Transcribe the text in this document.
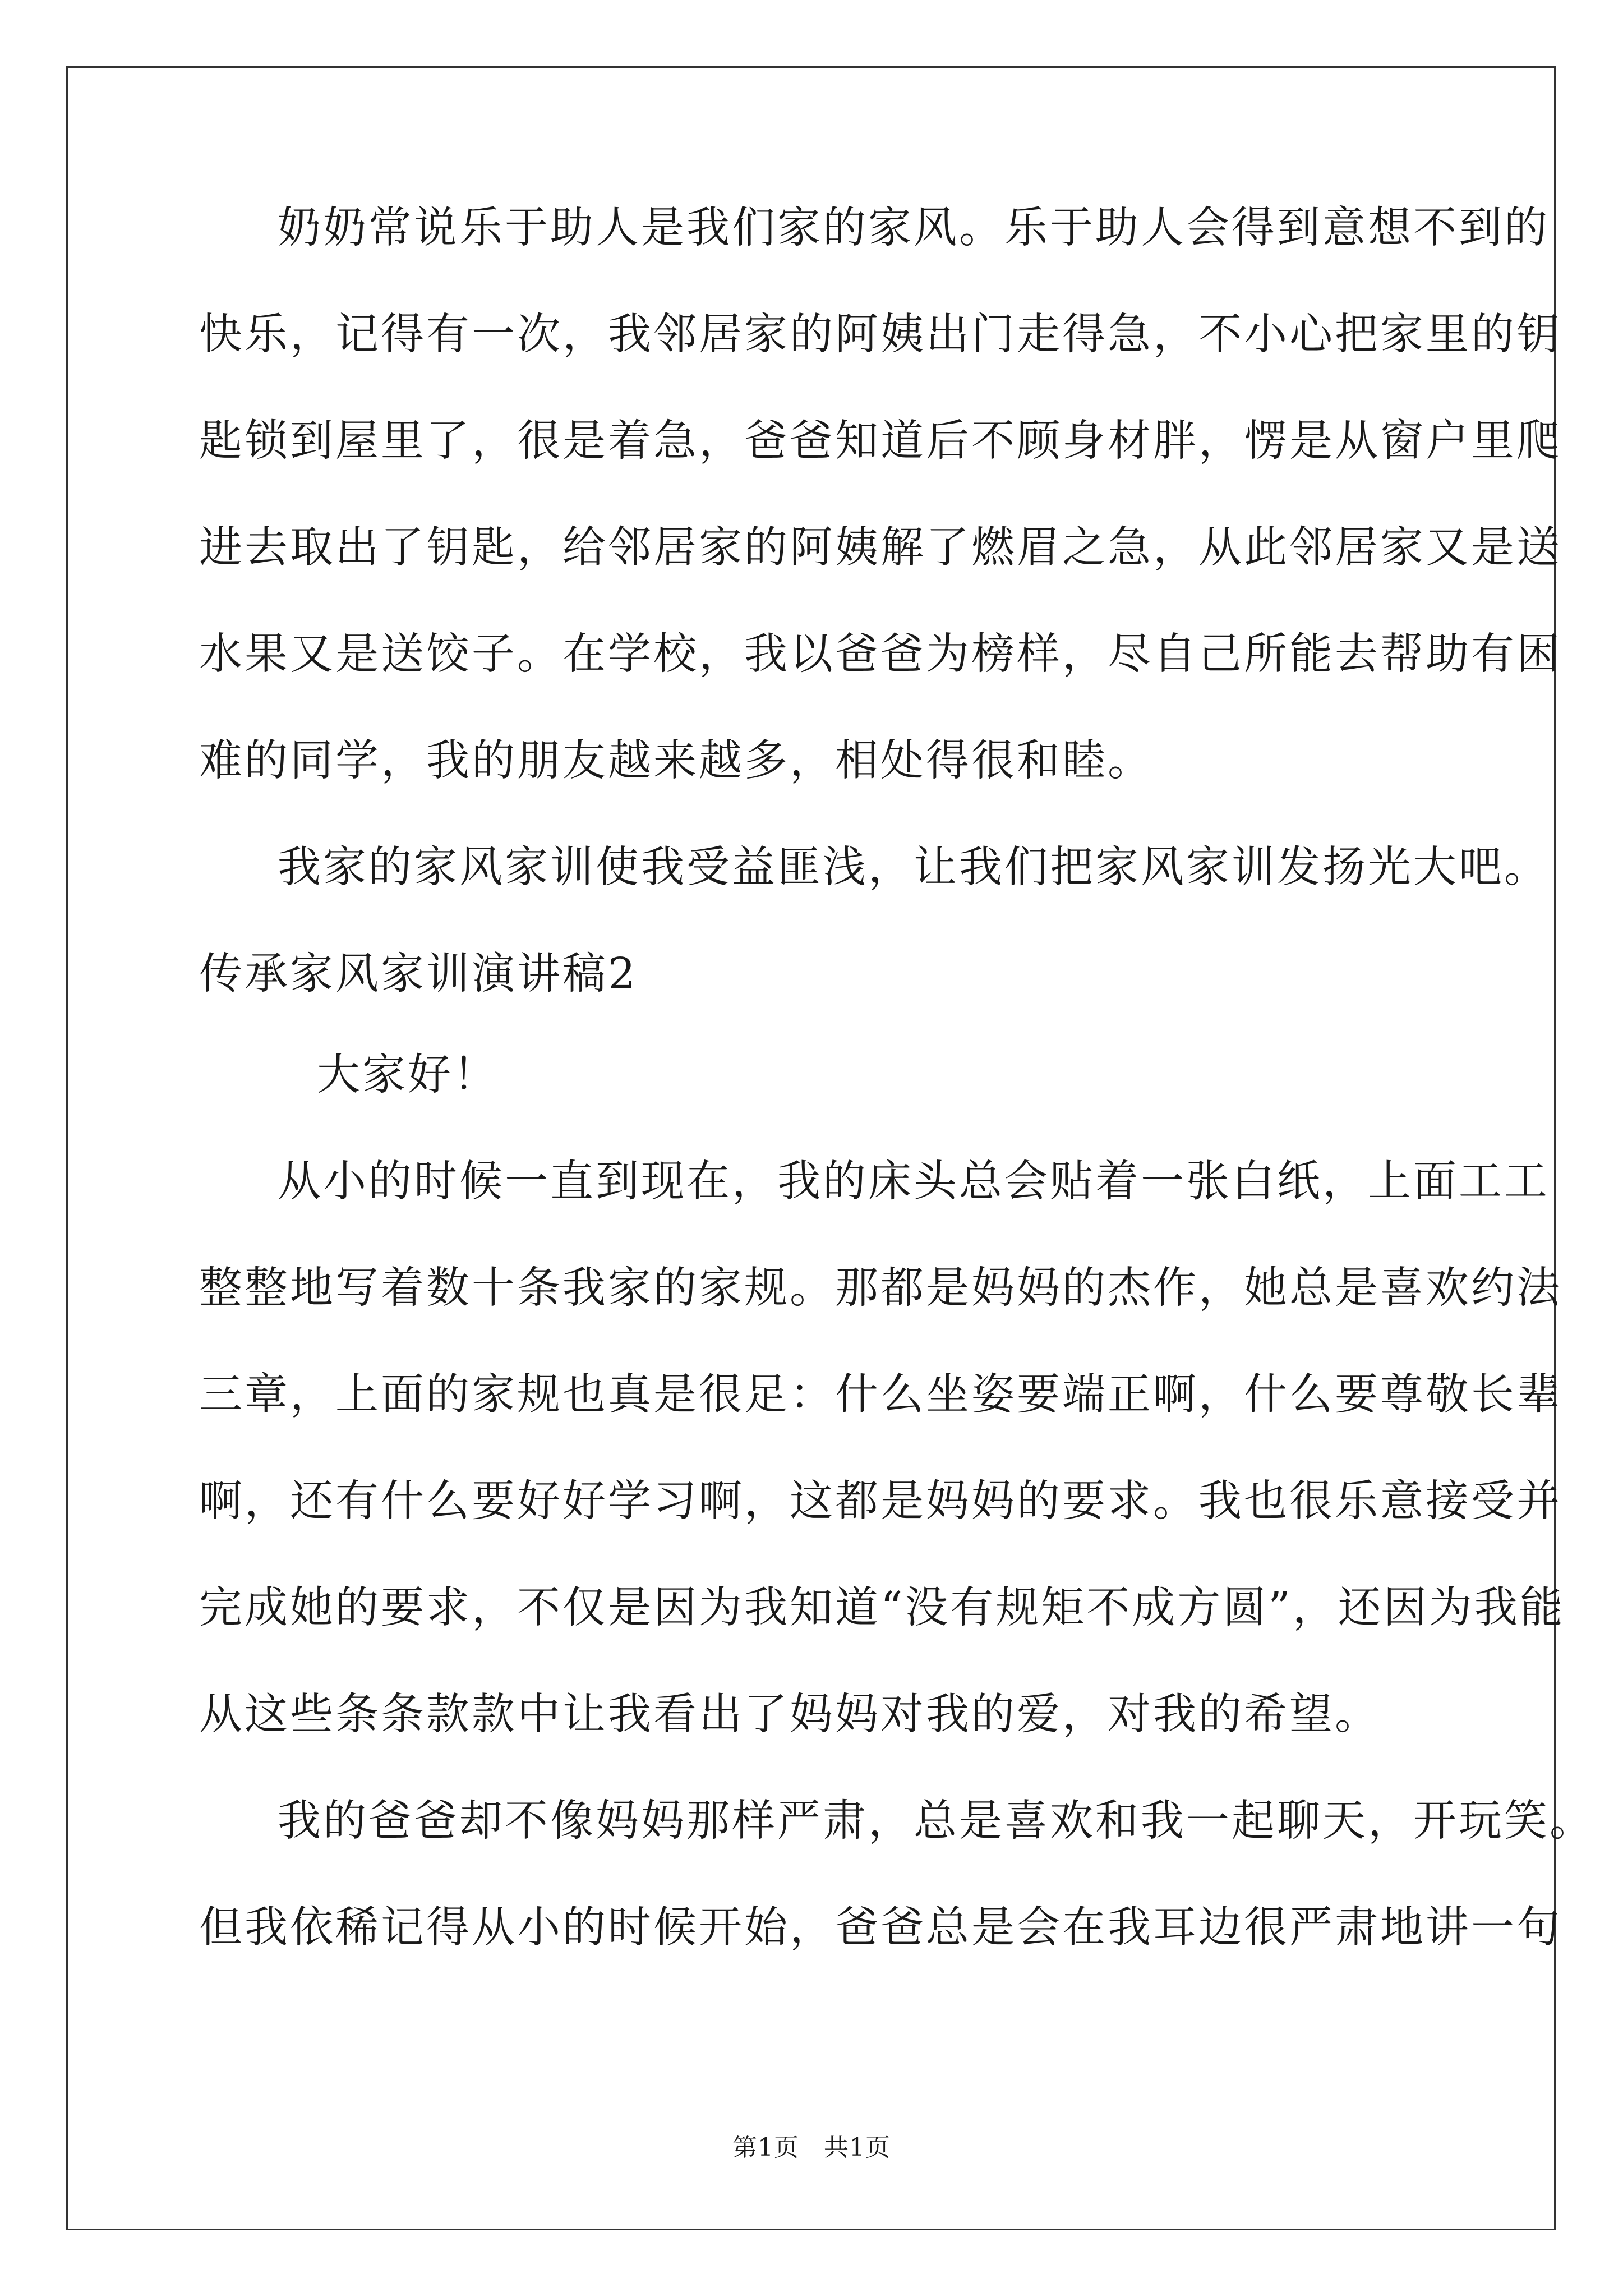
奶奶常说乐于助人是我们家的家风。乐于助人会得到意想不到的
快乐，记得有一次，我邻居家的阿姨出门走得急，不小心把家里的钥
匙锁到屋里了，很是着急，爸爸知道后不顾身材胖，愣是从窗户里爬
进去取出了钥匙，给邻居家的阿姨解了燃眉之急，从此邻居家又是送
水果又是送饺子。在学校，我以爸爸为榜样，尽自己所能去帮助有困
难的同学，我的朋友越来越多，相处得很和睦。
我家的家风家训使我受益匪浅，让我们把家风家训发扬光大吧。
传承家风家训演讲稿2
大家好！
从小的时候一直到现在，我的床头总会贴着一张白纸，上面工工
整整地写着数十条我家的家规。那都是妈妈的杰作，她总是喜欢约法
三章，上面的家规也真是很足：什么坐姿要端正啊，什么要尊敬长辈
啊，还有什么要好好学习啊，这都是妈妈的要求。我也很乐意接受并
完成她的要求，不仅是因为我知道“没有规矩不成方圆”，还因为我能
从这些条条款款中让我看出了妈妈对我的爱，对我的希望。
我的爸爸却不像妈妈那样严肃，总是喜欢和我一起聊天，开玩笑。
但我依稀记得从小的时候开始，爸爸总是会在我耳边很严肃地讲一句
第1页 共1页
